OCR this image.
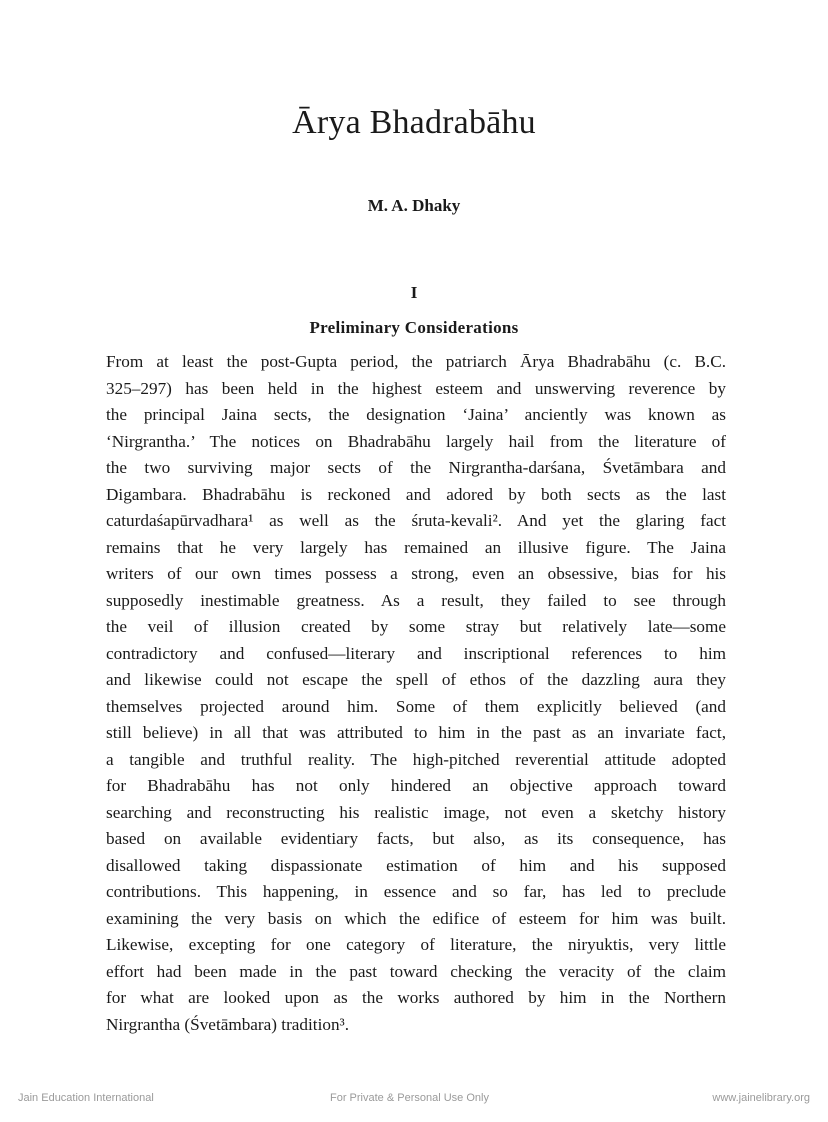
Ārya Bhadrabāhu
M. A. Dhaky
I
Preliminary Considerations
From at least the post-Gupta period, the patriarch Ārya Bhadrabāhu (c. B.C.
325–297) has been held in the highest esteem and unswerving reverence by
the principal Jaina sects, the designation ‘Jaina’ anciently was known as
‘Nirgrantha.’ The notices on Bhadrabāhu largely hail from the literature of
the two surviving major sects of the Nirgrantha-darśana, Śvetāmbara and
Digambara. Bhadrabāhu is reckoned and adored by both sects as the last
caturdaśapūrvadhara¹ as well as the śruta-kevali². And yet the glaring fact
remains that he very largely has remained an illusive figure. The Jaina
writers of our own times possess a strong, even an obsessive, bias for his
supposedly inestimable greatness. As a result, they failed to see through
the veil of illusion created by some stray but relatively late—some
contradictory and confused—literary and inscriptional references to him
and likewise could not escape the spell of ethos of the dazzling aura they
themselves projected around him. Some of them explicitly believed (and
still believe) in all that was attributed to him in the past as an invariate fact,
a tangible and truthful reality. The high-pitched reverential attitude adopted
for Bhadrabāhu has not only hindered an objective approach toward
searching and reconstructing his realistic image, not even a sketchy history
based on available evidentiary facts, but also, as its consequence, has
disallowed taking dispassionate estimation of him and his supposed
contributions. This happening, in essence and so far, has led to preclude
examining the very basis on which the edifice of esteem for him was built.
Likewise, excepting for one category of literature, the niryuktis, very little
effort had been made in the past toward checking the veracity of the claim
for what are looked upon as the works authored by him in the Northern
Nirgrantha (Śvetāmbara) tradition³.
Jain Education International	For Private & Personal Use Only	www.jainelibrary.org
